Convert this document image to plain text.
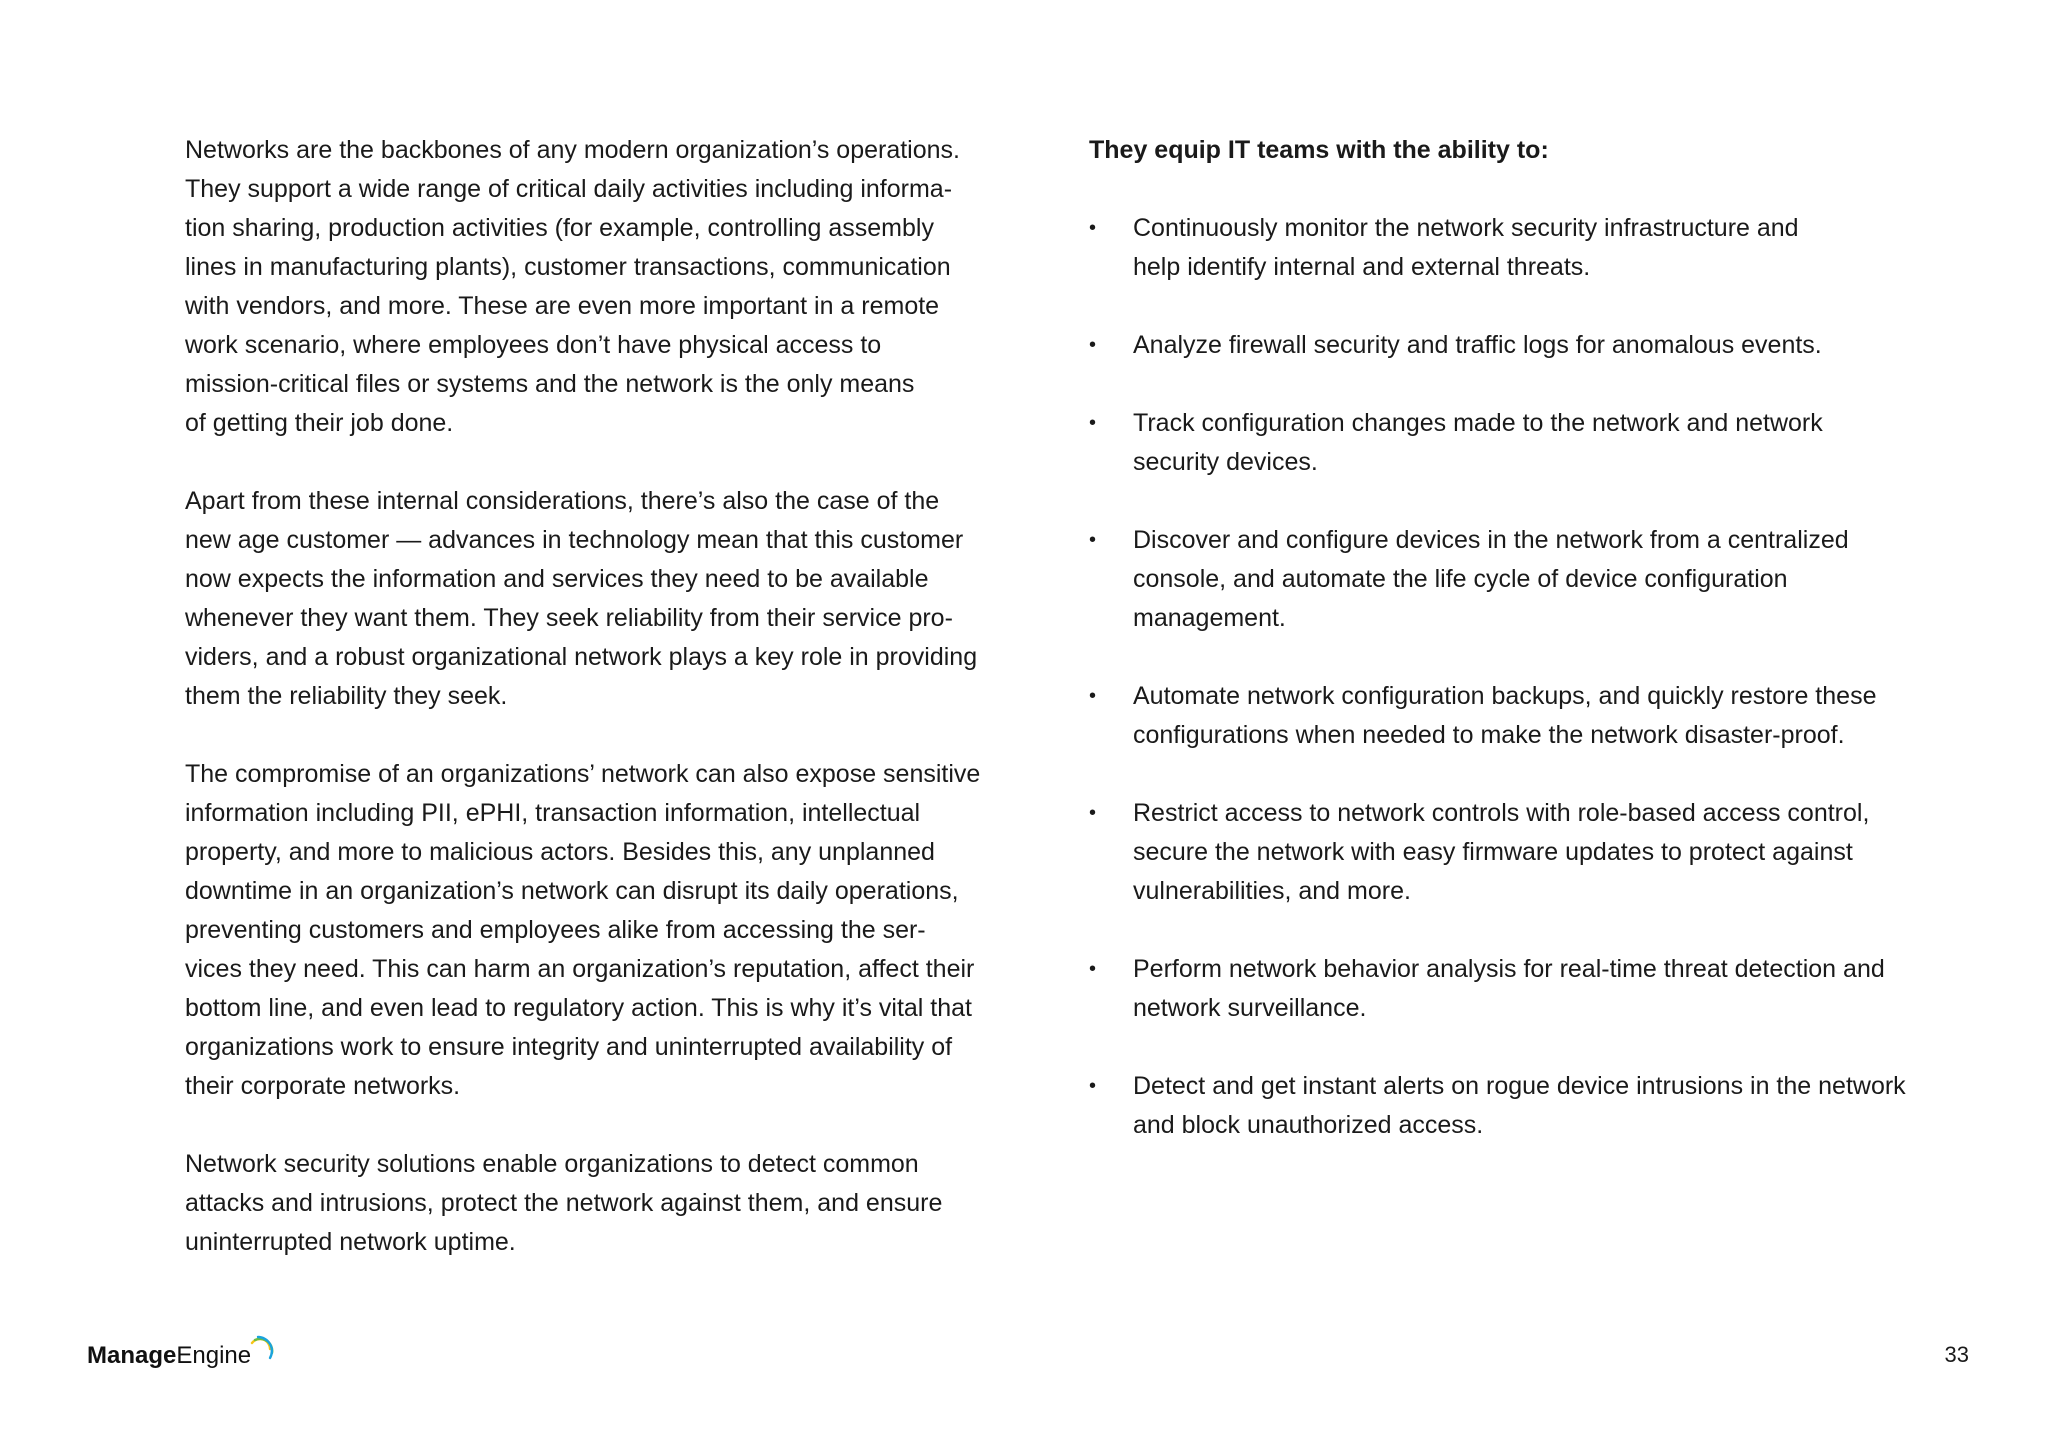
Networks are the backbones of any modern organization’s operations.
They support a wide range of critical daily activities including informa-
tion sharing, production activities (for example, controlling assembly
lines in manufacturing plants), customer transactions, communication
with vendors, and more. These are even more important in a remote
work scenario, where employees don’t have physical access to
mission-critical files or systems and the network is the only means
of getting their job done.

Apart from these internal considerations, there’s also the case of the
new age customer — advances in technology mean that this customer
now expects the information and services they need to be available
whenever they want them. They seek reliability from their service pro-
viders, and a robust organizational network plays a key role in providing
them the reliability they seek.

The compromise of an organizations’ network can also expose sensitive
information including PII, ePHI, transaction information, intellectual
property, and more to malicious actors. Besides this, any unplanned
downtime in an organization’s network can disrupt its daily operations,
preventing customers and employees alike from accessing the ser-
vices they need. This can harm an organization’s reputation, affect their
bottom line, and even lead to regulatory action. This is why it’s vital that
organizations work to ensure integrity and uninterrupted availability of
their corporate networks.

Network security solutions enable organizations to detect common
attacks and intrusions, protect the network against them, and ensure
uninterrupted network uptime.

They equip IT teams with the ability to:
•	Continuously monitor the network security infrastructure and
help identify internal and external threats.
•	Analyze firewall security and traffic logs for anomalous events.
•	Track configuration changes made to the network and network
security devices.
•	Discover and configure devices in the network from a centralized
console, and automate the life cycle of device configuration
management.
•	Automate network configuration backups, and quickly restore these
configurations when needed to make the network disaster-proof.
•	Restrict access to network controls with role-based access control,
secure the network with easy firmware updates to protect against
vulnerabilities, and more.
•	Perform network behavior analysis for real-time threat detection and
network surveillance.
•	Detect and get instant alerts on rogue device intrusions in the network
and block unauthorized access.
ManageEngine	33
